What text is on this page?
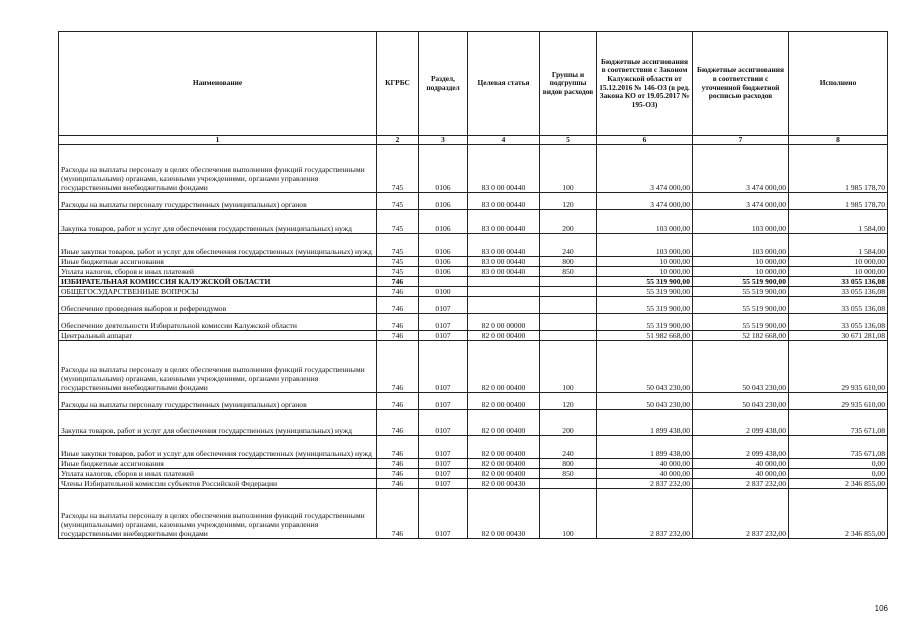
Наименование	КГРБС	Раздел, подраздел	Целевая статья	Группы и подгруппы видов расходов	Бюджетные ассигнования в соответствии с Законом Калужской области от 15.12.2016 № 146-ОЗ (в ред. Закона КО от 19.05.2017 № 195-ОЗ)	Бюджетные ассигнования в соответствии с уточненной бюджетной росписью расходов	Исполнено
1	2	3	4	5	6	7	8
Расходы на выплаты персоналу в целях обеспечения выполнения функций государственными (муниципальными) органами, казенными учреждениями, органами управления государственными внебюджетными фондами	745	0106	83 0 00 00440	100	3 474 000,00	3 474 000,00	1 985 178,70
Расходы на выплаты персоналу государственных (муниципальных) органов	745	0106	83 0 00 00440	120	3 474 000,00	3 474 000,00	1 985 178,70
Закупка товаров, работ и услуг для обеспечения государственных (муниципальных) нужд	745	0106	83 0 00 00440	200	103 000,00	103 000,00	1 584,00
Иные закупки товаров, работ и услуг для обеспечения государственных (муниципальных) нужд	745	0106	83 0 00 00440	240	103 000,00	103 000,00	1 584,00
Иные бюджетные ассигнования	745	0106	83 0 00 00440	800	10 000,00	10 000,00	10 000,00
Уплата налогов, сборов и иных платежей	745	0106	83 0 00 00440	850	10 000,00	10 000,00	10 000,00
ИЗБИРАТЕЛЬНАЯ КОМИССИЯ КАЛУЖСКОЙ ОБЛАСТИ	746				55 319 900,00	55 519 900,00	33 055 136,08
ОБЩЕГОСУДАРСТВЕННЫЕ ВОПРОСЫ	746	0100			55 319 900,00	55 519 900,00	33 055 136,08
Обеспечение проведения выборов и референдумов	746	0107			55 319 900,00	55 519 900,00	33 055 136,08
Обеспечение деятельности Избирательной комиссии Калужской области	746	0107	82 0 00 00000		55 319 900,00	55 519 900,00	33 055 136,08
Центральный аппарат	746	0107	82 0 00 00400		51 982 668,00	52 182 668,00	30 671 281,08
Расходы на выплаты персоналу в целях обеспечения выполнения функций государственными (муниципальными) органами, казенными учреждениями, органами управления государственными внебюджетными фондами	746	0107	82 0 00 00400	100	50 043 230,00	50 043 230,00	29 935 610,00
Расходы на выплаты персоналу государственных (муниципальных) органов	746	0107	82 0 00 00400	120	50 043 230,00	50 043 230,00	29 935 610,00
Закупка товаров, работ и услуг для обеспечения государственных (муниципальных) нужд	746	0107	82 0 00 00400	200	1 899 438,00	2 099 438,00	735 671,08
Иные закупки товаров, работ и услуг для обеспечения государственных (муниципальных) нужд	746	0107	82 0 00 00400	240	1 899 438,00	2 099 438,00	735 671,08
Иные бюджетные ассигнования	746	0107	82 0 00 00400	800	40 000,00	40 000,00	0,00
Уплата налогов, сборов и иных платежей	746	0107	82 0 00 00400	850	40 000,00	40 000,00	0,00
Члены Избирательной комиссии субъектов Российской Федерации	746	0107	82 0 00 00430		2 837 232,00	2 837 232,00	2 346 855,00
Расходы на выплаты персоналу в целях обеспечения выполнения функций государственными (муниципальными) органами, казенными учреждениями, органами управления государственными внебюджетными фондами	746	0107	82 0 00 00430	100	2 837 232,00	2 837 232,00	2 346 855,00
106
